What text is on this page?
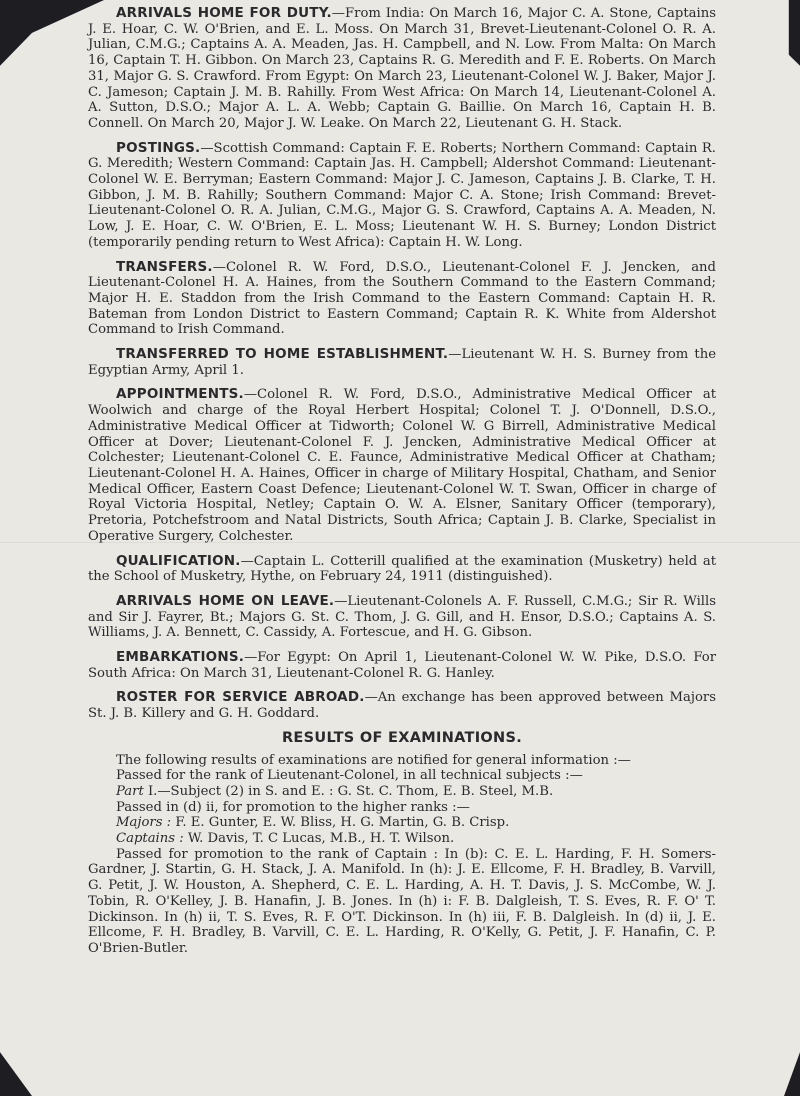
ARRIVALS HOME FOR DUTY.—From India: On March 16, Major C. A. Stone, Captains J. E. Hoar, C. W. O'Brien, and E. L. Moss. On March 31, Brevet-Lieutenant-Colonel O. R. A. Julian, C.M.G.; Captains A. A. Meaden, Jas. H. Campbell, and N. Low. From Malta: On March 16, Captain T. H. Gibbon. On March 23, Captains R. G. Meredith and F. E. Roberts. On March 31, Major G. S. Crawford. From Egypt: On March 23, Lieutenant-Colonel W. J. Baker, Major J. C. Jameson; Captain J. M. B. Rahilly. From West Africa: On March 14, Lieutenant-Colonel A. A. Sutton, D.S.O.; Major A. L. A. Webb; Captain G. Baillie. On March 16, Captain H. B. Connell. On March 20, Major J. W. Leake. On March 22, Lieutenant G. H. Stack.

POSTINGS.—Scottish Command: Captain F. E. Roberts; Northern Command: Captain R. G. Meredith; Western Command: Captain Jas. H. Campbell; Aldershot Command: Lieutenant-Colonel W. E. Berryman; Eastern Command: Major J. C. Jameson, Captains J. B. Clarke, T. H. Gibbon, J. M. B. Rahilly; Southern Command: Major C. A. Stone; Irish Command: Brevet-Lieutenant-Colonel O. R. A. Julian, C.M.G., Major G. S. Crawford, Captains A. A. Meaden, N. Low, J. E. Hoar, C. W. O'Brien, E. L. Moss; Lieutenant W. H. S. Burney; London District (temporarily pending return to West Africa): Captain H. W. Long.

TRANSFERS.—Colonel R. W. Ford, D.S.O., Lieutenant-Colonel F. J. Jencken, and Lieutenant-Colonel H. A. Haines, from the Southern Command to the Eastern Command; Major H. E. Staddon from the Irish Command to the Eastern Command: Captain H. R. Bateman from London District to Eastern Command; Captain R. K. White from Aldershot Command to Irish Command.

TRANSFERRED TO HOME ESTABLISHMENT.—Lieutenant W. H. S. Burney from the Egyptian Army, April 1.

APPOINTMENTS.—Colonel R. W. Ford, D.S.O., Administrative Medical Officer at Woolwich and charge of the Royal Herbert Hospital; Colonel T. J. O'Donnell, D.S.O., Administrative Medical Officer at Tidworth; Colonel W. G Birrell, Administrative Medical Officer at Dover; Lieutenant-Colonel F. J. Jencken, Administrative Medical Officer at Colchester; Lieutenant-Colonel C. E. Faunce, Administrative Medical Officer at Chatham; Lieutenant-Colonel H. A. Haines, Officer in charge of Military Hospital, Chatham, and Senior Medical Officer, Eastern Coast Defence; Lieutenant-Colonel W. T. Swan, Officer in charge of Royal Victoria Hospital, Netley; Captain O. W. A. Elsner, Sanitary Officer (temporary), Pretoria, Potchefstroom and Natal Districts, South Africa; Captain J. B. Clarke, Specialist in Operative Surgery, Colchester.

QUALIFICATION.—Captain L. Cotterill qualified at the examination (Musketry) held at the School of Musketry, Hythe, on February 24, 1911 (distinguished).

ARRIVALS HOME ON LEAVE.—Lieutenant-Colonels A. F. Russell, C.M.G.; Sir R. Wills and Sir J. Fayrer, Bt.; Majors G. St. C. Thom, J. G. Gill, and H. Ensor, D.S.O.; Captains A. S. Williams, J. A. Bennett, C. Cassidy, A. Fortescue, and H. G. Gibson.

EMBARKATIONS.—For Egypt: On April 1, Lieutenant-Colonel W. W. Pike, D.S.O. For South Africa: On March 31, Lieutenant-Colonel R. G. Hanley.

ROSTER FOR SERVICE ABROAD.—An exchange has been approved between Majors St. J. B. Killery and G. H. Goddard.

RESULTS OF EXAMINATIONS.
The following results of examinations are notified for general information :—
Passed for the rank of Lieutenant-Colonel, in all technical subjects :—
Part I.—Subject (2) in S. and E. : G. St. C. Thom, E. B. Steel, M.B.
Passed in (d) ii, for promotion to the higher ranks :—
Majors : F. E. Gunter, E. W. Bliss, H. G. Martin, G. B. Crisp.
Captains : W. Davis, T. C Lucas, M.B., H. T. Wilson.

Passed for promotion to the rank of Captain : In (b): C. E. L. Harding, F. H. Somers-Gardner, J. Startin, G. H. Stack, J. A. Manifold. In (h): J. E. Ellcome, F. H. Bradley, B. Varvill, G. Petit, J. W. Houston, A. Shepherd, C. E. L. Harding, A. H. T. Davis, J. S. McCombe, W. J. Tobin, R. O'Kelley, J. B. Hanafin, J. B. Jones. In (h) i: F. B. Dalgleish, T. S. Eves, R. F. O' T. Dickinson. In (h) ii, T. S. Eves, R. F. O'T. Dickinson. In (h) iii, F. B. Dalgleish. In (d) ii, J. E. Ellcome, F. H. Bradley, B. Varvill, C. E. L. Harding, R. O'Kelly, G. Petit, J. F. Hanafin, C. P. O'Brien-Butler.
